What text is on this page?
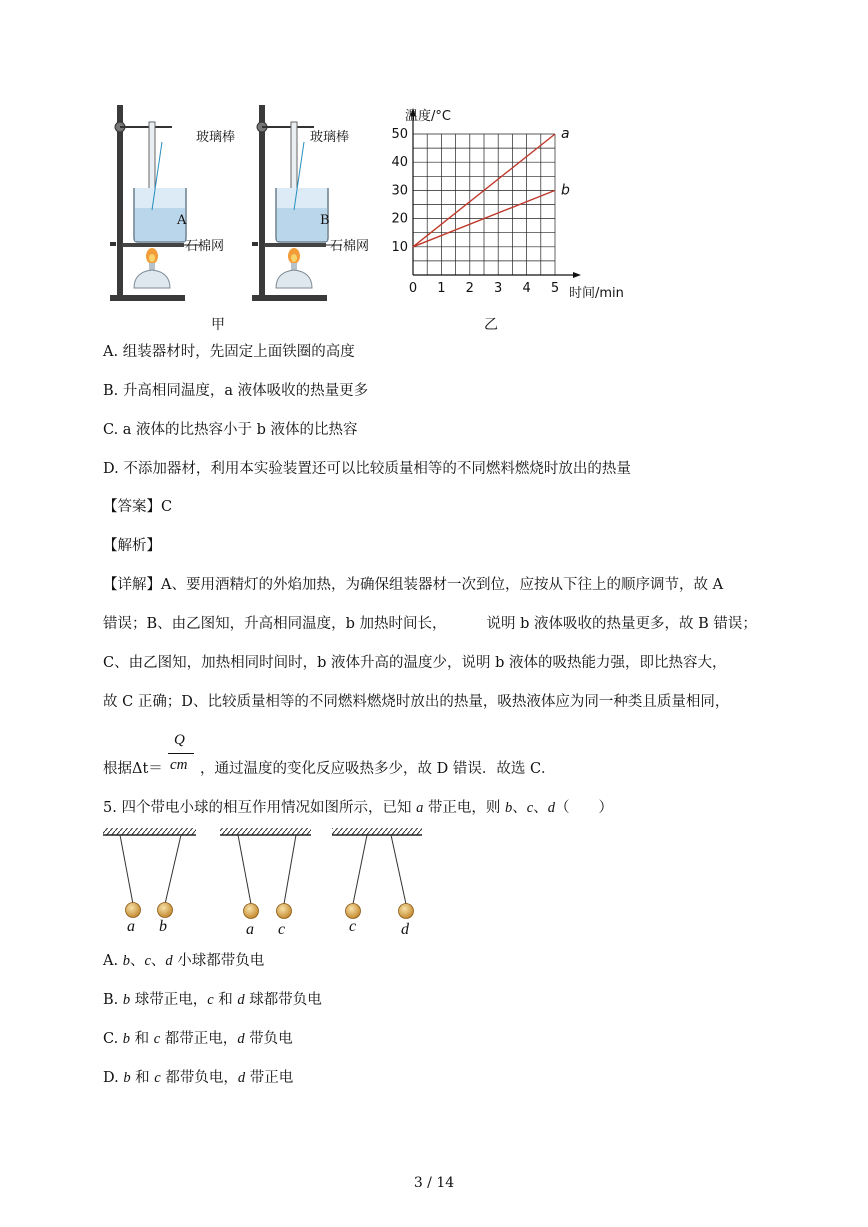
玻璃棒	玻璃棒
A	B
石棉网	石棉网
甲
0 1 2 3 4 5
10
20
30
40
50
温度/°C
时间/min
a
b
乙
A. 组装器材时，先固定上面铁圈的高度
B. 升高相同温度，a 液体吸收的热量更多
C. a 液体的比热容小于 b 液体的比热容
D. 不添加器材，利用本实验装置还可以比较质量相等的不同燃料燃烧时放出的热量
【答案】C
【解析】
【详解】A、要用酒精灯的外焰加热，为确保组装器材一次到位，应按从下往上的顺序调节，故 A
错误；B、由乙图知，升高相同温度，b 加热时间长，	说明 b 液体吸收的热量更多，故 B 错误；
C、由乙图知，加热相同时间时，b 液体升高的温度少，说明 b 液体的吸热能力强，即比热容大，
故 C 正确；D、比较质量相等的不同燃料燃烧时放出的热量，吸热液体应为同一种类且质量相同，
Q
cm
根据Δt＝	，通过温度的变化反应吸热多少，故 D 错误．故选 C．
5. 四个带电小球的相互作用情况如图所示，已知 a 带正电，则 b、c、d（　　）
a b	a c	c	d
A. b、c、d 小球都带负电
B. b 球带正电，c 和 d 球都带负电
C. b 和 c 都带正电，d 带负电
D. b 和 c 都带负电，d 带正电
3 / 14
